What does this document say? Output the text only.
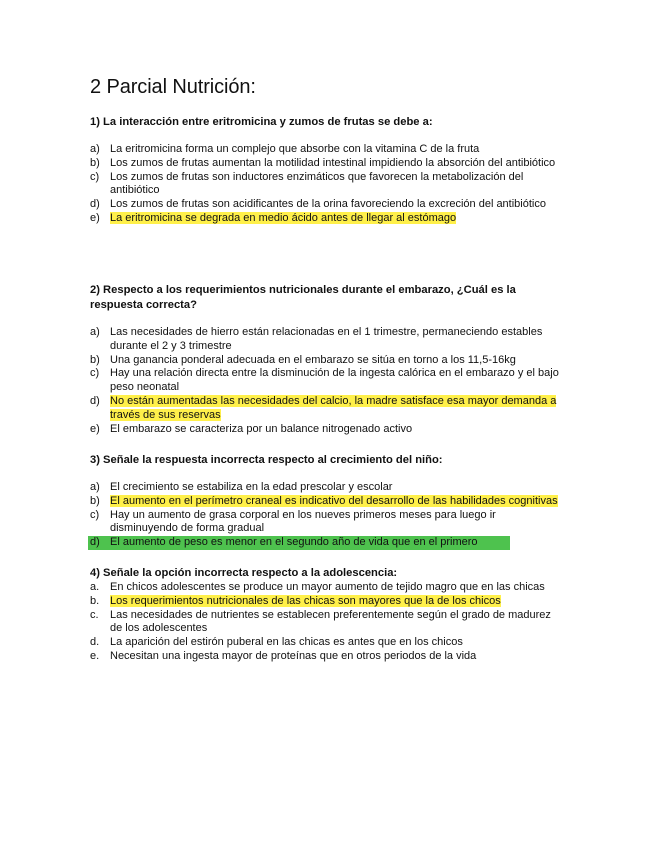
2 Parcial Nutrición:

1) La interacción entre eritromicina y zumos de frutas se debe a:

a) La eritromicina forma un complejo que absorbe con la vitamina C de la fruta
b) Los zumos de frutas aumentan la motilidad intestinal impidiendo la absorción del antibiótico
c) Los zumos de frutas son inductores enzimáticos que favorecen la metabolización del antibiótico
d) Los zumos de frutas son acidificantes de la orina favoreciendo la excreción del antibiótico
e) La eritromicina se degrada en medio ácido antes de llegar al estómago

2) Respecto a los requerimientos nutricionales durante el embarazo, ¿Cuál es la respuesta correcta?

a) Las necesidades de hierro están relacionadas en el 1 trimestre, permaneciendo estables durante el 2 y 3 trimestre
b) Una ganancia ponderal adecuada en el embarazo se sitúa en torno a los 11,5-16kg
c) Hay una relación directa entre la disminución de la ingesta calórica en el embarazo y el bajo peso neonatal
d) No están aumentadas las necesidades del calcio, la madre satisface esa mayor demanda a través de sus reservas
e) El embarazo se caracteriza por un balance nitrogenado activo

3) Señale la respuesta incorrecta respecto al crecimiento del niño:

a) El crecimiento se estabiliza en la edad prescolar y escolar
b) El aumento en el perímetro craneal es indicativo del desarrollo de las habilidades cognitivas
c) Hay un aumento de grasa corporal en los nueves primeros meses para luego ir disminuyendo de forma gradual
d) El aumento de peso es menor en el segundo año de vida que en el primero

4) Señale la opción incorrecta respecto a la adolescencia:

a. En chicos adolescentes se produce un mayor aumento de tejido magro que en las chicas
b. Los requerimientos nutricionales de las chicas son mayores que la de los chicos
c.	Las necesidades de nutrientes se establecen preferentemente según el grado de madurez de los adolescentes
d. La aparición del estirón puberal en las chicas es antes que en los chicos
e. Necesitan una ingesta mayor de proteínas que en otros periodos de la vida
